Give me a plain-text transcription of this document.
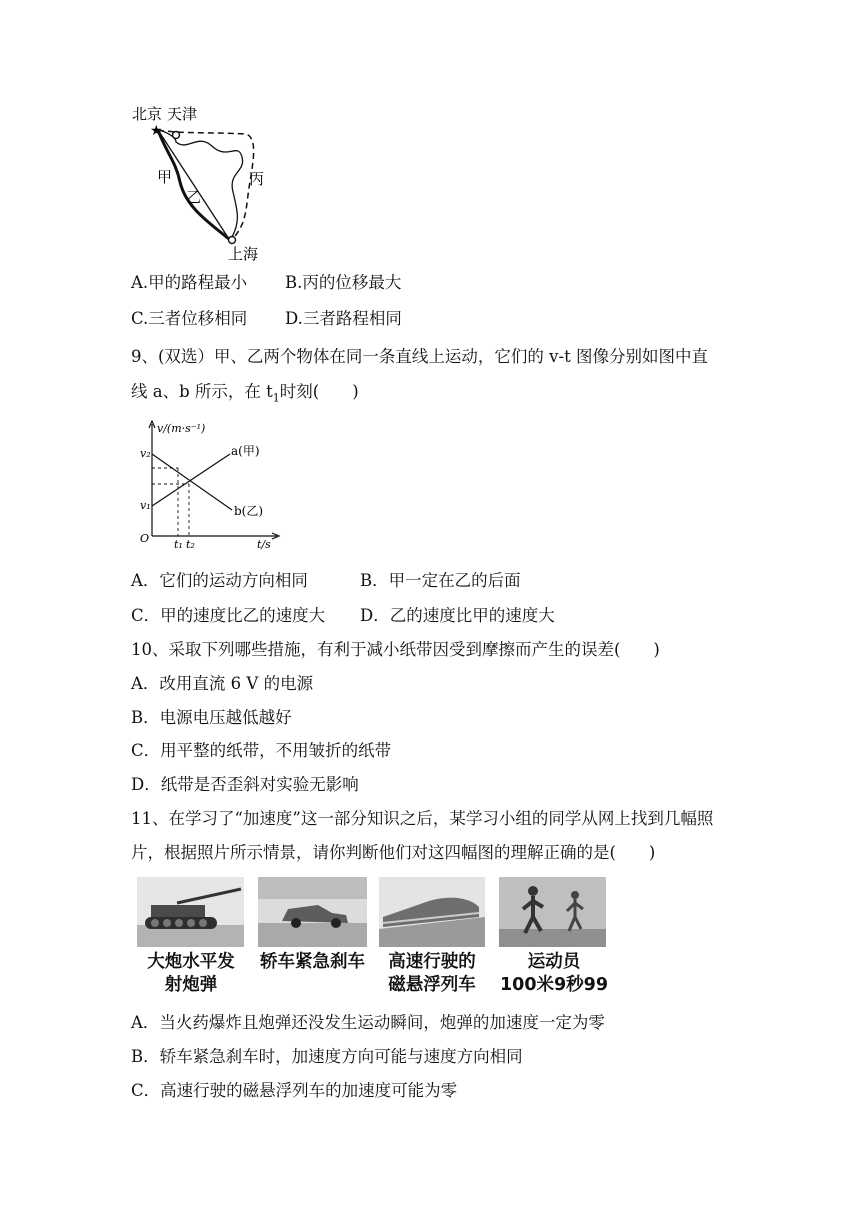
北京 天津
★
甲
乙
丙
上海
A.甲的路程最小 B.丙的位移最大
C.三者位移相同 D.三者路程相同
9、(双选）甲、乙两个物体在同一条直线上运动，它们的 v-t 图像分别如图中直
线 a、b 所示，在 $t_1$时刻(　　)
v/(m·s⁻¹)
v₂
v₁
O t₁ t₂	t/s
a(甲)
b(乙)
A．它们的运动方向相同	B．甲一定在乙的后面
C．甲的速度比乙的速度大 D．乙的速度比甲的速度大
10、采取下列哪些措施，有利于减小纸带因受到摩擦而产生的误差(　　)
A．改用直流 6 V 的电源
B．电源电压越低越好
C．用平整的纸带，不用皱折的纸带
D．纸带是否歪斜对实验无影响
11、在学习了“加速度”这一部分知识之后，某学习小组的同学从网上找到几幅照
片，根据照片所示情景，请你判断他们对这四幅图的理解正确的是(　　)
大炮水平发
射炮弹
轿车紧急刹车	高速行驶的
磁悬浮列车
运动员
100米9秒99
A．当火药爆炸且炮弹还没发生运动瞬间，炮弹的加速度一定为零
B．轿车紧急刹车时，加速度方向可能与速度方向相同
C．高速行驶的磁悬浮列车的加速度可能为零
